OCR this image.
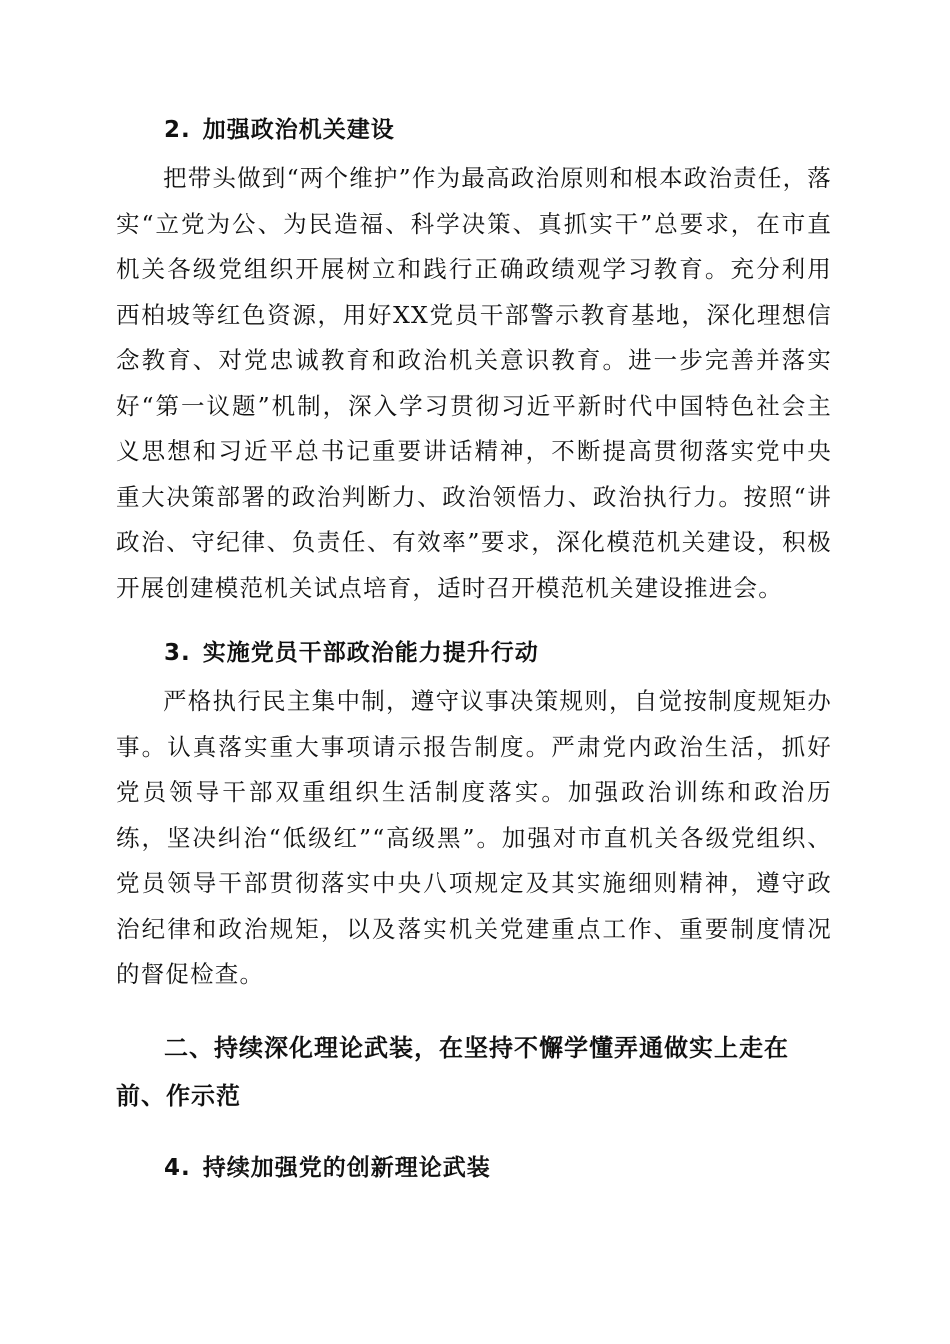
2. 加强政治机关建设

把带头做到“两个维护”作为最高政治原则和根本政治责任，落实“立党为公、为民造福、科学决策、真抓实干”总要求，在市直机关各级党组织开展树立和践行正确政绩观学习教育。充分利用西柏坡等红色资源，用好XX党员干部警示教育基地，深化理想信念教育、对党忠诚教育和政治机关意识教育。进一步完善并落实好“第一议题”机制，深入学习贯彻习近平新时代中国特色社会主义思想和习近平总书记重要讲话精神，不断提高贯彻落实党中央重大决策部署的政治判断力、政治领悟力、政治执行力。按照“讲政治、守纪律、负责任、有效率”要求，深化模范机关建设，积极开展创建模范机关试点培育，适时召开模范机关建设推进会。

3. 实施党员干部政治能力提升行动

严格执行民主集中制，遵守议事决策规则，自觉按制度规矩办事。认真落实重大事项请示报告制度。严肃党内政治生活，抓好党员领导干部双重组织生活制度落实。加强政治训练和政治历练，坚决纠治“低级红”“高级黑”。加强对市直机关各级党组织、党员领导干部贯彻落实中央八项规定及其实施细则精神，遵守政治纪律和政治规矩，以及落实机关党建重点工作、重要制度情况的督促检查。

二、持续深化理论武装，在坚持不懈学懂弄通做实上走在前、作示范
4. 持续加强党的创新理论武装
